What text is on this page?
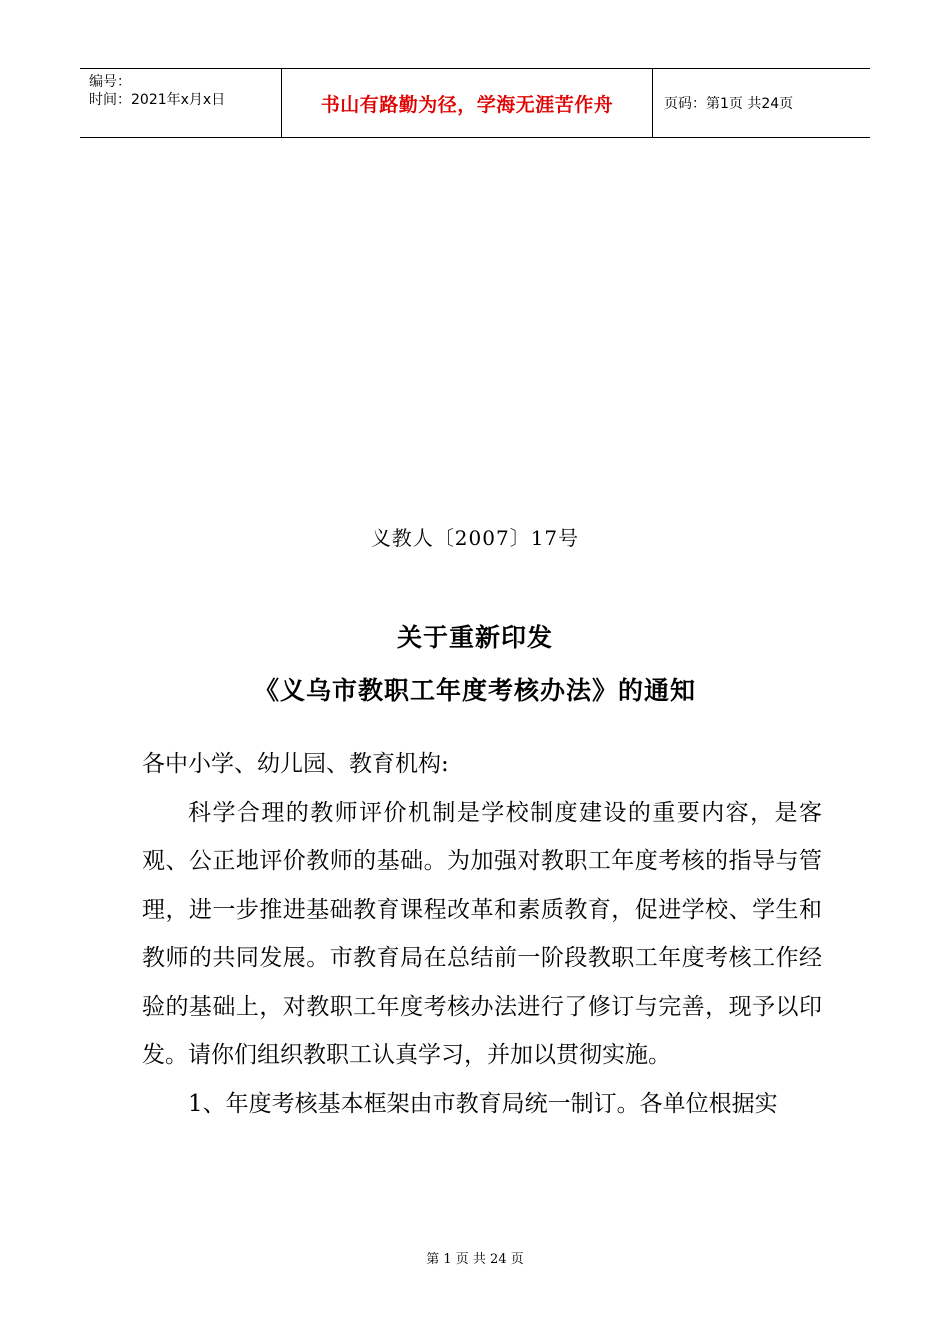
编号：
时间：2021年x月x日	书山有路勤为径，学海无涯苦作舟	页码：第1页 共24页
义教人〔2007〕17号
关于重新印发
《义乌市教职工年度考核办法》的通知

各中小学、幼儿园、教育机构:

科学合理的教师评价机制是学校制度建设的重要内容，是客观、公正地评价教师的基础。为加强对教职工年度考核的指导与管理，进一步推进基础教育课程改革和素质教育，促进学校、学生和教师的共同发展。市教育局在总结前一阶段教职工年度考核工作经验的基础上，对教职工年度考核办法进行了修订与完善，现予以印发。请你们组织教职工认真学习，并加以贯彻实施。

1、年度考核基本框架由市教育局统一制订。各单位根据实

第 1 页 共 24 页
